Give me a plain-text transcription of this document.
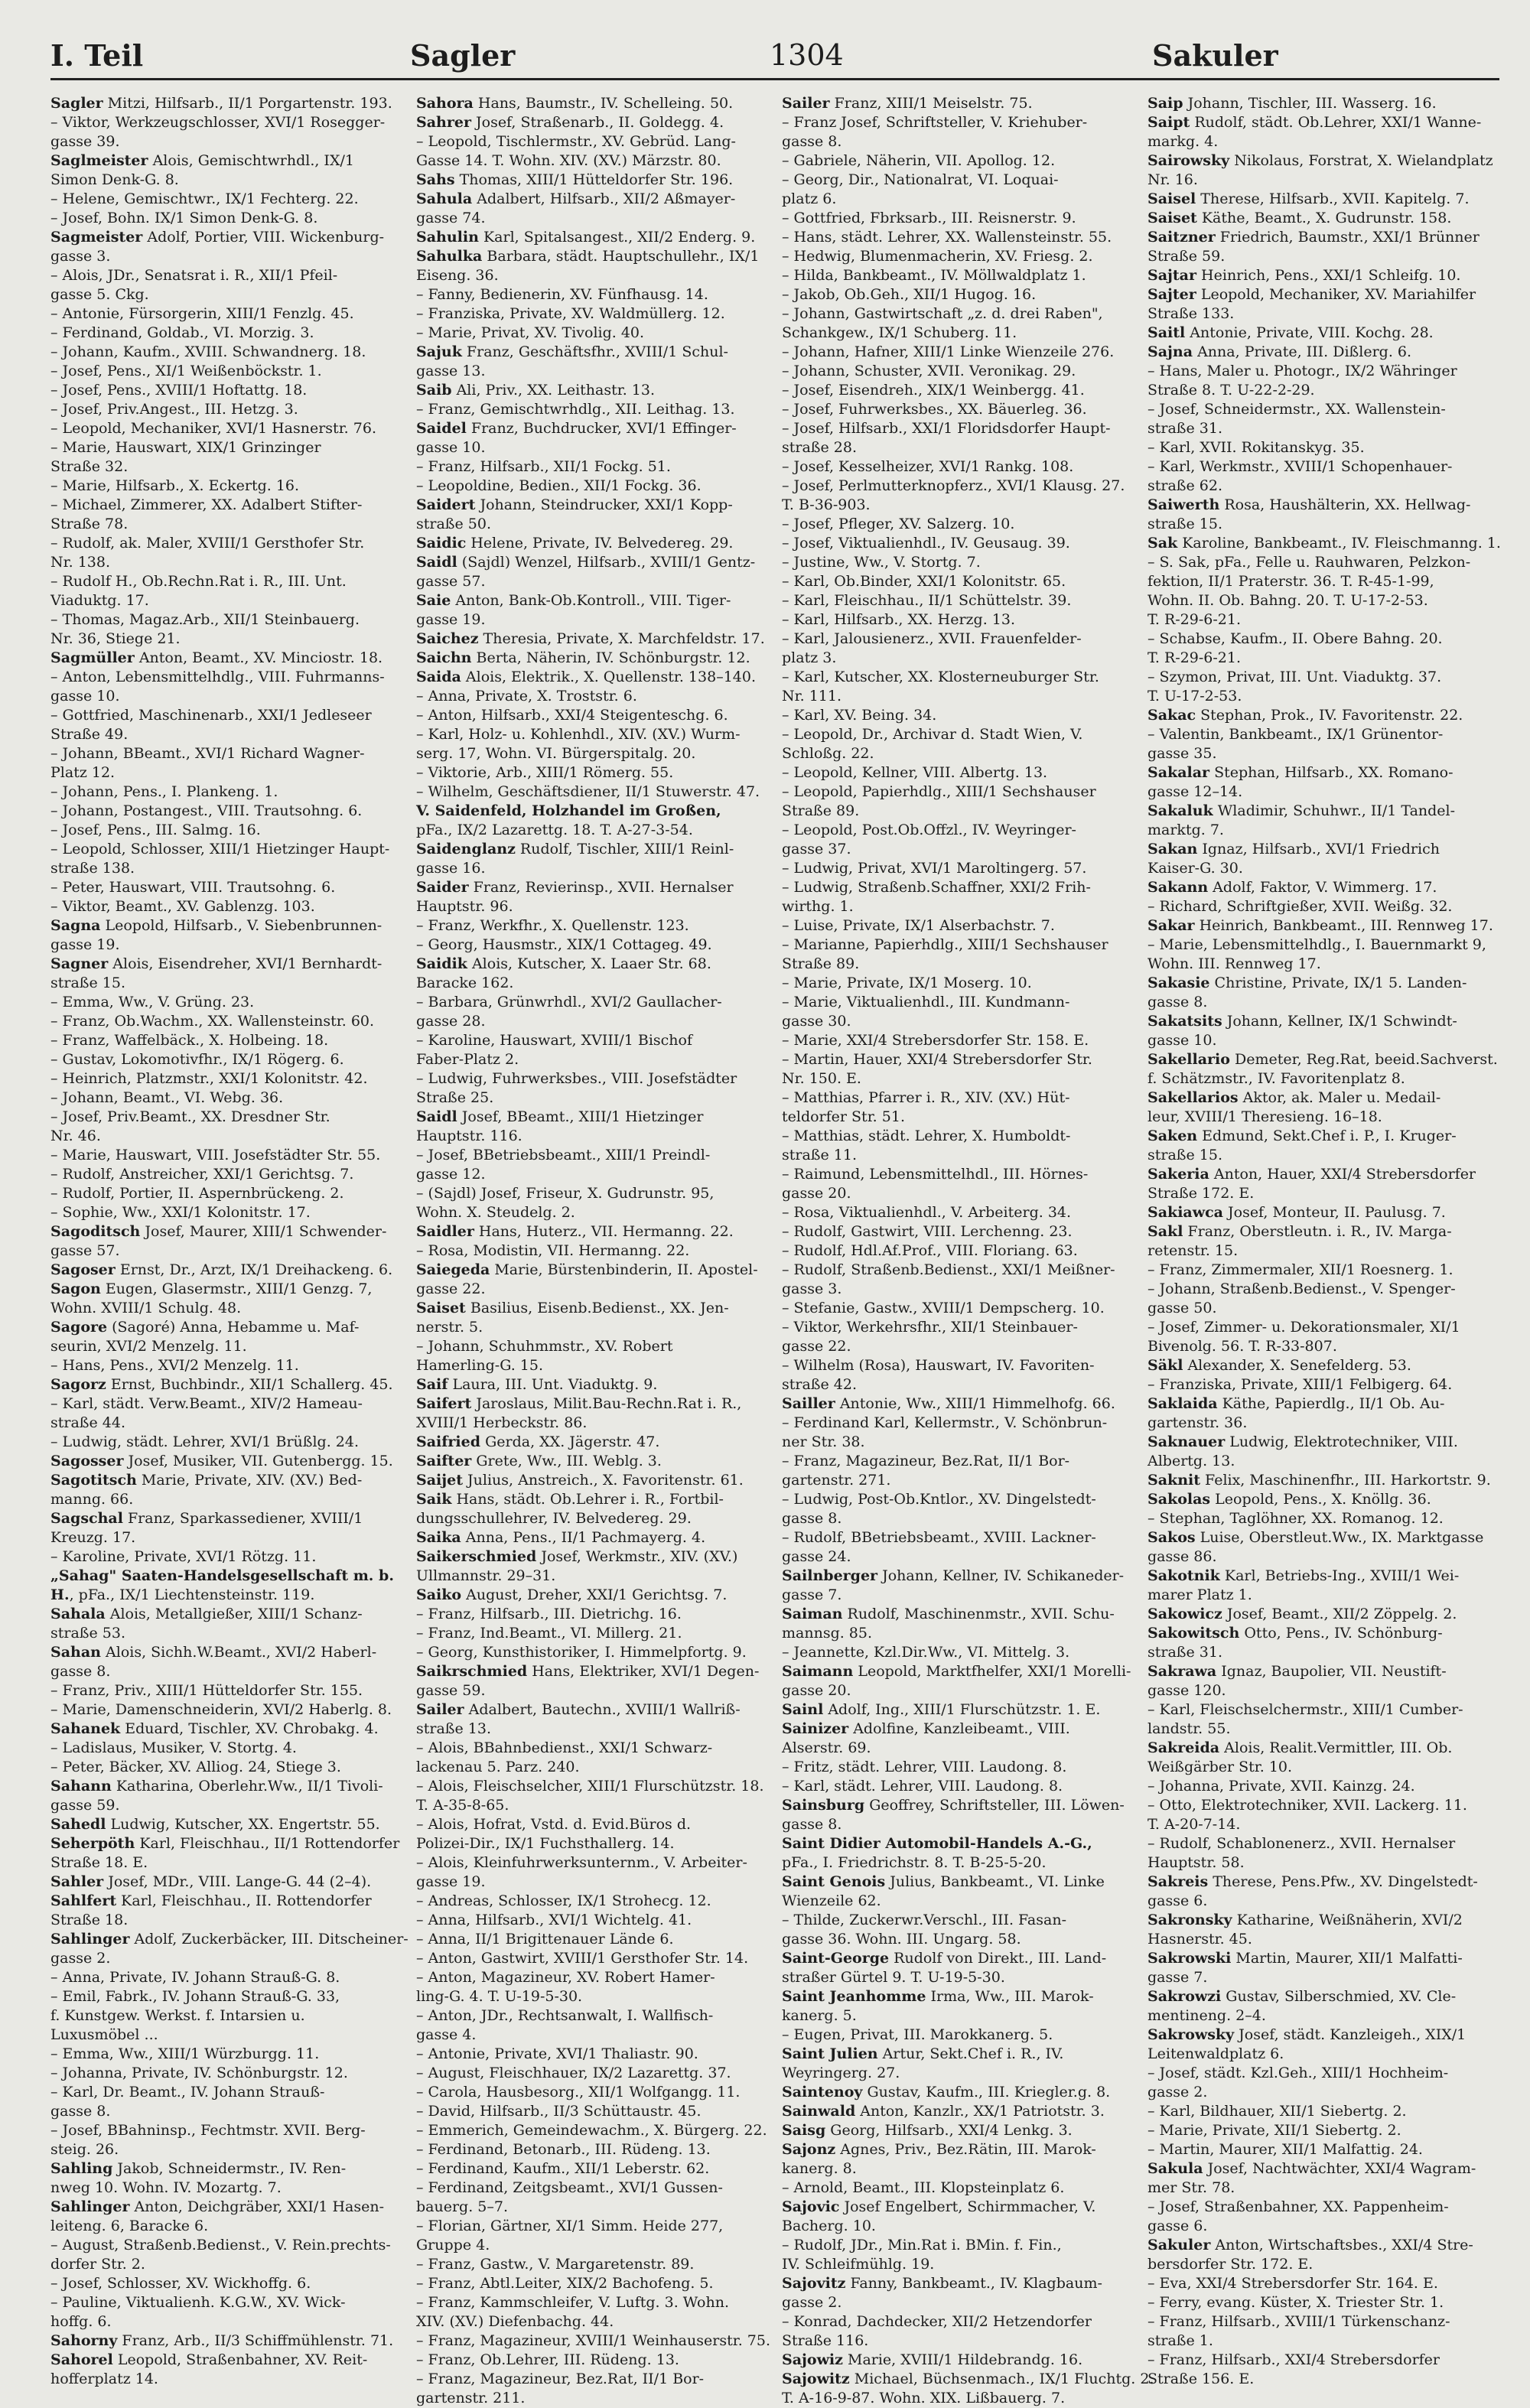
I. Teil	Sagler	1304	Sakuler
Sagler Mitzi, Hilfsarb., II/1 Porgartenstr. 193.
– Viktor, Werkzeugschlosser, XVI/1 Rosegger-
gasse 39.
Saglmeister Alois, Gemischtwrhdl., IX/1
Simon Denk-G. 8.
– Helene, Gemischtwr., IX/1 Fechterg. 22.
– Josef, Bohn. IX/1 Simon Denk-G. 8.
Sagmeister Adolf, Portier, VIII. Wickenburg-
gasse 3.
– Alois, JDr., Senatsrat i. R., XII/1 Pfeil-
gasse 5. Ckg.
– Antonie, Fürsorgerin, XIII/1 Fenzlg. 45.
– Ferdinand, Goldab., VI. Morzig. 3.
– Johann, Kaufm., XVIII. Schwandnerg. 18.
– Josef, Pens., XI/1 Weißenböckstr. 1.
– Josef, Pens., XVIII/1 Hoftattg. 18.
– Josef, Priv.Angest., III. Hetzg. 3.
– Leopold, Mechaniker, XVI/1 Hasnerstr. 76.
– Marie, Hauswart, XIX/1 Grinzinger
Straße 32.
– Marie, Hilfsarb., X. Eckertg. 16.
– Michael, Zimmerer, XX. Adalbert Stifter-
Straße 78.
– Rudolf, ak. Maler, XVIII/1 Gersthofer Str.
Nr. 138.
– Rudolf H., Ob.Rechn.Rat i. R., III. Unt.
Viaduktg. 17.
– Thomas, Magaz.Arb., XII/1 Steinbauerg.
Nr. 36, Stiege 21.
Sagmüller Anton, Beamt., XV. Minciostr. 18.
– Anton, Lebensmittelhdlg., VIII. Fuhrmanns-
gasse 10.
– Gottfried, Maschinenarb., XXI/1 Jedleseer
Straße 49.
– Johann, BBeamt., XVI/1 Richard Wagner-
Platz 12.
– Johann, Pens., I. Plankeng. 1.
– Johann, Postangest., VIII. Trautsohng. 6.
– Josef, Pens., III. Salmg. 16.
– Leopold, Schlosser, XIII/1 Hietzinger Haupt-
straße 138.
– Peter, Hauswart, VIII. Trautsohng. 6.
– Viktor, Beamt., XV. Gablenzg. 103.
Sagna Leopold, Hilfsarb., V. Siebenbrunnen-
gasse 19.
Sagner Alois, Eisendreher, XVI/1 Bernhardt-
straße 15.
– Emma, Ww., V. Grüng. 23.
– Franz, Ob.Wachm., XX. Wallensteinstr. 60.
– Franz, Waffelbäck., X. Holbeing. 18.
– Gustav, Lokomotivfhr., IX/1 Rögerg. 6.
– Heinrich, Platzmstr., XXI/1 Kolonitstr. 42.
– Johann, Beamt., VI. Webg. 36.
– Josef, Priv.Beamt., XX. Dresdner Str.
Nr. 46.
– Marie, Hauswart, VIII. Josefstädter Str. 55.
– Rudolf, Anstreicher, XXI/1 Gerichtsg. 7.
– Rudolf, Portier, II. Aspernbrückeng. 2.
– Sophie, Ww., XXI/1 Kolonitstr. 17.
Sagoditsch Josef, Maurer, XIII/1 Schwender-
gasse 57.
Sagoser Ernst, Dr., Arzt, IX/1 Dreihackeng. 6.
Sagon Eugen, Glasermstr., XIII/1 Genzg. 7,
Wohn. XVIII/1 Schulg. 48.
Sagore (Sagoré) Anna, Hebamme u. Maf-
seurin, XVI/2 Menzelg. 11.
– Hans, Pens., XVI/2 Menzelg. 11.
Sagorz Ernst, Buchbindr., XII/1 Schallerg. 45.
– Karl, städt. Verw.Beamt., XIV/2 Hameau-
straße 44.
– Ludwig, städt. Lehrer, XVI/1 Brüßlg. 24.
Sagosser Josef, Musiker, VII. Gutenbergg. 15.
Sagotitsch Marie, Private, XIV. (XV.) Bed-
manng. 66.
Sagschal Franz, Sparkassediener, XVIII/1
Kreuzg. 17.
– Karoline, Private, XVI/1 Rötzg. 11.
„Sahag" Saaten-Handelsgesellschaft m. b.
H., pFa., IX/1 Liechtensteinstr. 119.
Sahala Alois, Metallgießer, XIII/1 Schanz-
straße 53.
Sahan Alois, Sichh.W.Beamt., XVI/2 Haberl-
gasse 8.
– Franz, Priv., XIII/1 Hütteldorfer Str. 155.
– Marie, Damenschneiderin, XVI/2 Haberlg. 8.
Sahanek Eduard, Tischler, XV. Chrobakg. 4.
– Ladislaus, Musiker, V. Stortg. 4.
– Peter, Bäcker, XV. Alliog. 24, Stiege 3.
Sahann Katharina, Oberlehr.Ww., II/1 Tivoli-
gasse 59.
Sahedl Ludwig, Kutscher, XX. Engertstr. 55.
Seherpöth Karl, Fleischhau., II/1 Rottendorfer
Straße 18. E.
Sahler Josef, MDr., VIII. Lange-G. 44 (2–4).
Sahlfert Karl, Fleischhau., II. Rottendorfer
Straße 18.
Sahlinger Adolf, Zuckerbäcker, III. Ditscheiner-
gasse 2.
– Anna, Private, IV. Johann Strauß-G. 8.
– Emil, Fabrk., IV. Johann Strauß-G. 33,
f. Kunstgew. Werkst. f. Intarsien u.
Luxusmöbel ...
– Emma, Ww., XIII/1 Würzburgg. 11.
– Johanna, Private, IV. Schönburgstr. 12.
– Karl, Dr. Beamt., IV. Johann Strauß-
gasse 8.
– Josef, BBahninsp., Fechtmstr. XVII. Berg-
steig. 26.
Sahling Jakob, Schneidermstr., IV. Ren-
nweg 10. Wohn. IV. Mozartg. 7.
Sahlinger Anton, Deichgräber, XXI/1 Hasen-
leiteng. 6, Baracke 6.
– August, Straßenb.Bedienst., V. Rein.prechts-
dorfer Str. 2.
– Josef, Schlosser, XV. Wickhoffg. 6.
– Pauline, Viktualienh. K.G.W., XV. Wick-
hoffg. 6.
Sahorny Franz, Arb., II/3 Schiffmühlenstr. 71.
Sahorel Leopold, Straßenbahner, XV. Reit-
hofferplatz 14.
Sahora Hans, Baumstr., IV. Schelleing. 50.
Sahrer Josef, Straßenarb., II. Goldegg. 4.
– Leopold, Tischlermstr., XV. Gebrüd. Lang-
Gasse 14. T. Wohn. XIV. (XV.) Märzstr. 80.
Sahs Thomas, XIII/1 Hütteldorfer Str. 196.
Sahula Adalbert, Hilfsarb., XII/2 Aßmayer-
gasse 74.
Sahulin Karl, Spitalsangest., XII/2 Enderg. 9.
Sahulka Barbara, städt. Hauptschullehr., IX/1
Eiseng. 36.
– Fanny, Bedienerin, XV. Fünfhausg. 14.
– Franziska, Private, XV. Waldmüllerg. 12.
– Marie, Privat, XV. Tivolig. 40.
Sajuk Franz, Geschäftsfhr., XVIII/1 Schul-
gasse 13.
Saib Ali, Priv., XX. Leithastr. 13.
– Franz, Gemischtwrhdlg., XII. Leithag. 13.
Saidel Franz, Buchdrucker, XVI/1 Effinger-
gasse 10.
– Franz, Hilfsarb., XII/1 Fockg. 51.
– Leopoldine, Bedien., XII/1 Fockg. 36.
Saidert Johann, Steindrucker, XXI/1 Kopp-
straße 50.
Saidic Helene, Private, IV. Belvedereg. 29.
Saidl (Sajdl) Wenzel, Hilfsarb., XVIII/1 Gentz-
gasse 57.
Saie Anton, Bank-Ob.Kontroll., VIII. Tiger-
gasse 19.
Saichez Theresia, Private, X. Marchfeldstr. 17.
Saichn Berta, Näherin, IV. Schönburgstr. 12.
Saida Alois, Elektrik., X. Quellenstr. 138–140.
– Anna, Private, X. Troststr. 6.
– Anton, Hilfsarb., XXI/4 Steigenteschg. 6.
– Karl, Holz- u. Kohlenhdl., XIV. (XV.) Wurm-
serg. 17, Wohn. VI. Bürgerspitalg. 20.
– Viktorie, Arb., XIII/1 Römerg. 55.
– Wilhelm, Geschäftsdiener, II/1 Stuwerstr. 47.
V. Saidenfeld, Holzhandel im Großen,
pFa., IX/2 Lazarettg. 18. T. A-27-3-54.
Saidenglanz Rudolf, Tischler, XIII/1 Reinl-
gasse 16.
Saider Franz, Revierinsp., XVII. Hernalser
Hauptstr. 96.
– Franz, Werkfhr., X. Quellenstr. 123.
– Georg, Hausmstr., XIX/1 Cottageg. 49.
Saidik Alois, Kutscher, X. Laaer Str. 68.
Baracke 162.
– Barbara, Grünwrhdl., XVI/2 Gaullacher-
gasse 28.
– Karoline, Hauswart, XVIII/1 Bischof
Faber-Platz 2.
– Ludwig, Fuhrwerksbes., VIII. Josefstädter
Straße 25.
Saidl Josef, BBeamt., XIII/1 Hietzinger
Hauptstr. 116.
– Josef, BBetriebsbeamt., XIII/1 Preindl-
gasse 12.
– (Sajdl) Josef, Friseur, X. Gudrunstr. 95,
Wohn. X. Steudelg. 2.
Saidler Hans, Huterz., VII. Hermanng. 22.
– Rosa, Modistin, VII. Hermanng. 22.
Saiegeda Marie, Bürstenbinderin, II. Apostel-
gasse 22.
Saiset Basilius, Eisenb.Bedienst., XX. Jen-
nerstr. 5.
– Johann, Schuhmmstr., XV. Robert
Hamerling-G. 15.
Saif Laura, III. Unt. Viaduktg. 9.
Saifert Jaroslaus, Milit.Bau-Rechn.Rat i. R.,
XVIII/1 Herbeckstr. 86.
Saifried Gerda, XX. Jägerstr. 47.
Saifter Grete, Ww., III. Weblg. 3.
Saijet Julius, Anstreich., X. Favoritenstr. 61.
Saik Hans, städt. Ob.Lehrer i. R., Fortbil-
dungsschullehrer, IV. Belvedereg. 29.
Saika Anna, Pens., II/1 Pachmayerg. 4.
Saikerschmied Josef, Werkmstr., XIV. (XV.)
Ullmannstr. 29–31.
Saiko August, Dreher, XXI/1 Gerichtsg. 7.
– Franz, Hilfsarb., III. Dietrichg. 16.
– Franz, Ind.Beamt., VI. Millerg. 21.
– Georg, Kunsthistoriker, I. Himmelpfortg. 9.
Saikrschmied Hans, Elektriker, XVI/1 Degen-
gasse 59.
Sailer Adalbert, Bautechn., XVIII/1 Wallriß-
straße 13.
– Alois, BBahnbedienst., XXI/1 Schwarz-
lackenau 5. Parz. 240.
– Alois, Fleischselcher, XIII/1 Flurschützstr. 18.
T. A-35-8-65.
– Alois, Hofrat, Vstd. d. Evid.Büros d.
Polizei-Dir., IX/1 Fuchsthallerg. 14.
– Alois, Kleinfuhrwerksunternm., V. Arbeiter-
gasse 19.
– Andreas, Schlosser, IX/1 Strohecg. 12.
– Anna, Hilfsarb., XVI/1 Wichtelg. 41.
– Anna, II/1 Brigittenauer Lände 6.
– Anton, Gastwirt, XVIII/1 Gersthofer Str. 14.
– Anton, Magazineur, XV. Robert Hamer-
ling-G. 4. T. U-19-5-30.
– Anton, JDr., Rechtsanwalt, I. Wallfisch-
gasse 4.
– Antonie, Private, XVI/1 Thaliastr. 90.
– August, Fleischhauer, IX/2 Lazarettg. 37.
– Carola, Hausbesorg., XII/1 Wolfgangg. 11.
– David, Hilfsarb., II/3 Schüttaustr. 45.
– Emmerich, Gemeindewachm., X. Bürgerg. 22.
– Ferdinand, Betonarb., III. Rüdeng. 13.
– Ferdinand, Kaufm., XII/1 Leberstr. 62.
– Ferdinand, Zeitgsbeamt., XVI/1 Gussen-
bauerg. 5–7.
– Florian, Gärtner, XI/1 Simm. Heide 277,
Gruppe 4.
– Franz, Gastw., V. Margaretenstr. 89.
– Franz, Abtl.Leiter, XIX/2 Bachofeng. 5.
– Franz, Kammschleifer, V. Luftg. 3. Wohn.
XIV. (XV.) Diefenbachg. 44.
– Franz, Magazineur, XVIII/1 Weinhauserstr. 75.
– Franz, Ob.Lehrer, III. Rüdeng. 13.
– Franz, Magazineur, Bez.Rat, II/1 Bor-
gartenstr. 211.
Sailer Franz, XIII/1 Meiselstr. 75.
– Franz Josef, Schriftsteller, V. Kriehuber-
gasse 8.
– Gabriele, Näherin, VII. Apollog. 12.
– Georg, Dir., Nationalrat, VI. Loquai-
platz 6.
– Gottfried, Fbrksarb., III. Reisnerstr. 9.
– Hans, städt. Lehrer, XX. Wallensteinstr. 55.
– Hedwig, Blumenmacherin, XV. Friesg. 2.
– Hilda, Bankbeamt., IV. Möllwaldplatz 1.
– Jakob, Ob.Geh., XII/1 Hugog. 16.
– Johann, Gastwirtschaft „z. d. drei Raben",
Schankgew., IX/1 Schuberg. 11.
– Johann, Hafner, XIII/1 Linke Wienzeile 276.
– Johann, Schuster, XVII. Veronikag. 29.
– Josef, Eisendreh., XIX/1 Weinbergg. 41.
– Josef, Fuhrwerksbes., XX. Bäuerleg. 36.
– Josef, Hilfsarb., XXI/1 Floridsdorfer Haupt-
straße 28.
– Josef, Kesselheizer, XVI/1 Rankg. 108.
– Josef, Perlmutterknopferz., XVI/1 Klausg. 27.
T. B-36-903.
– Josef, Pfleger, XV. Salzerg. 10.
– Josef, Viktualienhdl., IV. Geusaug. 39.
– Justine, Ww., V. Stortg. 7.
– Karl, Ob.Binder, XXI/1 Kolonitstr. 65.
– Karl, Fleischhau., II/1 Schüttelstr. 39.
– Karl, Hilfsarb., XX. Herzg. 13.
– Karl, Jalousienerz., XVII. Frauenfelder-
platz 3.
– Karl, Kutscher, XX. Klosterneuburger Str.
Nr. 111.
– Karl, XV. Being. 34.
– Leopold, Dr., Archivar d. Stadt Wien, V.
Schloßg. 22.
– Leopold, Kellner, VIII. Albertg. 13.
– Leopold, Papierhdlg., XIII/1 Sechshauser
Straße 89.
– Leopold, Post.Ob.Offzl., IV. Weyringer-
gasse 37.
– Ludwig, Privat, XVI/1 Maroltingerg. 57.
– Ludwig, Straßenb.Schaffner, XXI/2 Frih-
wirthg. 1.
– Luise, Private, IX/1 Alserbachstr. 7.
– Marianne, Papierhdlg., XIII/1 Sechshauser
Straße 89.
– Marie, Private, IX/1 Moserg. 10.
– Marie, Viktualienhdl., III. Kundmann-
gasse 30.
– Marie, XXI/4 Strebersdorfer Str. 158. E.
– Martin, Hauer, XXI/4 Strebersdorfer Str.
Nr. 150. E.
– Matthias, Pfarrer i. R., XIV. (XV.) Hüt-
teldorfer Str. 51.
– Matthias, städt. Lehrer, X. Humboldt-
straße 11.
– Raimund, Lebensmittelhdl., III. Hörnes-
gasse 20.
– Rosa, Viktualienhdl., V. Arbeiterg. 34.
– Rudolf, Gastwirt, VIII. Lerchenng. 23.
– Rudolf, Hdl.Af.Prof., VIII. Floriang. 63.
– Rudolf, Straßenb.Bedienst., XXI/1 Meißner-
gasse 3.
– Stefanie, Gastw., XVIII/1 Dempscherg. 10.
– Viktor, Werkehrsfhr., XII/1 Steinbauer-
gasse 22.
– Wilhelm (Rosa), Hauswart, IV. Favoriten-
straße 42.
Sailler Antonie, Ww., XIII/1 Himmelhofg. 66.
– Ferdinand Karl, Kellermstr., V. Schönbrun-
ner Str. 38.
– Franz, Magazineur, Bez.Rat, II/1 Bor-
gartenstr. 271.
– Ludwig, Post-Ob.Kntlor., XV. Dingelstedt-
gasse 8.
– Rudolf, BBetriebsbeamt., XVIII. Lackner-
gasse 24.
Sailnberger Johann, Kellner, IV. Schikaneder-
gasse 7.
Saiman Rudolf, Maschinenmstr., XVII. Schu-
mannsg. 85.
– Jeannette, Kzl.Dir.Ww., VI. Mittelg. 3.
Saimann Leopold, Marktfhelfer, XXI/1 Morelli-
gasse 20.
Sainl Adolf, Ing., XIII/1 Flurschützstr. 1. E.
Sainizer Adolfine, Kanzleibeamt., VIII.
Alserstr. 69.
– Fritz, städt. Lehrer, VIII. Laudong. 8.
– Karl, städt. Lehrer, VIII. Laudong. 8.
Sainsburg Geoffrey, Schriftsteller, III. Löwen-
gasse 8.
Saint Didier Automobil-Handels A.-G.,
pFa., I. Friedrichstr. 8. T. B-25-5-20.
Saint Genois Julius, Bankbeamt., VI. Linke
Wienzeile 62.
– Thilde, Zuckerwr.Verschl., III. Fasan-
gasse 36. Wohn. III. Ungarg. 58.
Saint-George Rudolf von Direkt., III. Land-
straßer Gürtel 9. T. U-19-5-30.
Saint Jeanhomme Irma, Ww., III. Marok-
kanerg. 5.
– Eugen, Privat, III. Marokkanerg. 5.
Saint Julien Artur, Sekt.Chef i. R., IV.
Weyringerg. 27.
Saintenoy Gustav, Kaufm., III. Kriegler.g. 8.
Sainwald Anton, Kanzlr., XX/1 Patriotstr. 3.
Saisg Georg, Hilfsarb., XXI/4 Lenkg. 3.
Sajonz Agnes, Priv., Bez.Rätin, III. Marok-
kanerg. 8.
– Arnold, Beamt., III. Klopsteinplatz 6.
Sajovic Josef Engelbert, Schirmmacher, V.
Bacherg. 10.
– Rudolf, JDr., Min.Rat i. BMin. f. Fin.,
IV. Schleifmühlg. 19.
Sajovitz Fanny, Bankbeamt., IV. Klagbaum-
gasse 2.
– Konrad, Dachdecker, XII/2 Hetzendorfer
Straße 116.
Sajowiz Marie, XVIII/1 Hildebrandg. 16.
Sajowitz Michael, Büchsenmach., IX/1 Fluchtg. 2.
T. A-16-9-87. Wohn. XIX. Lißbauerg. 7.
Saip Johann, Tischler, III. Wasserg. 16.
Saipt Rudolf, städt. Ob.Lehrer, XXI/1 Wanne-
markg. 4.
Sairowsky Nikolaus, Forstrat, X. Wielandplatz
Nr. 16.
Saisel Therese, Hilfsarb., XVII. Kapitelg. 7.
Saiset Käthe, Beamt., X. Gudrunstr. 158.
Saitzner Friedrich, Baumstr., XXI/1 Brünner
Straße 59.
Sajtar Heinrich, Pens., XXI/1 Schleifg. 10.
Sajter Leopold, Mechaniker, XV. Mariahilfer
Straße 133.
Saitl Antonie, Private, VIII. Kochg. 28.
Sajna Anna, Private, III. Dißlerg. 6.
– Hans, Maler u. Photogr., IX/2 Währinger
Straße 8. T. U-22-2-29.
– Josef, Schneidermstr., XX. Wallenstein-
straße 31.
– Karl, XVII. Rokitanskyg. 35.
– Karl, Werkmstr., XVIII/1 Schopenhauer-
straße 62.
Saiwerth Rosa, Haushälterin, XX. Hellwag-
straße 15.
Sak Karoline, Bankbeamt., IV. Fleischmanng. 1.
– S. Sak, pFa., Felle u. Rauhwaren, Pelzkon-
fektion, II/1 Praterstr. 36. T. R-45-1-99,
Wohn. II. Ob. Bahng. 20. T. U-17-2-53.
T. R-29-6-21.
– Schabse, Kaufm., II. Obere Bahng. 20.
T. R-29-6-21.
– Szymon, Privat, III. Unt. Viaduktg. 37.
T. U-17-2-53.
Sakac Stephan, Prok., IV. Favoritenstr. 22.
– Valentin, Bankbeamt., IX/1 Grünentor-
gasse 35.
Sakalar Stephan, Hilfsarb., XX. Romano-
gasse 12–14.
Sakaluk Wladimir, Schuhwr., II/1 Tandel-
marktg. 7.
Sakan Ignaz, Hilfsarb., XVI/1 Friedrich
Kaiser-G. 30.
Sakann Adolf, Faktor, V. Wimmerg. 17.
– Richard, Schriftgießer, XVII. Weißg. 32.
Sakar Heinrich, Bankbeamt., III. Rennweg 17.
– Marie, Lebensmittelhdlg., I. Bauernmarkt 9,
Wohn. III. Rennweg 17.
Sakasie Christine, Private, IX/1 5. Landen-
gasse 8.
Sakatsits Johann, Kellner, IX/1 Schwindt-
gasse 10.
Sakellario Demeter, Reg.Rat, beeid.Sachverst.
f. Schätzmstr., IV. Favoritenplatz 8.
Sakellarios Aktor, ak. Maler u. Medail-
leur, XVIII/1 Theresieng. 16–18.
Saken Edmund, Sekt.Chef i. P., I. Kruger-
straße 15.
Sakeria Anton, Hauer, XXI/4 Strebersdorfer
Straße 172. E.
Sakiawca Josef, Monteur, II. Paulusg. 7.
Sakl Franz, Oberstleutn. i. R., IV. Marga-
retenstr. 15.
– Franz, Zimmermaler, XII/1 Roesnerg. 1.
– Johann, Straßenb.Bedienst., V. Spenger-
gasse 50.
– Josef, Zimmer- u. Dekorationsmaler, XI/1
Bivenolg. 56. T. R-33-807.
Säkl Alexander, X. Senefelderg. 53.
– Franziska, Private, XIII/1 Felbigerg. 64.
Saklaida Käthe, Papierdlg., II/1 Ob. Au-
gartenstr. 36.
Saknauer Ludwig, Elektrotechniker, VIII.
Albertg. 13.
Saknit Felix, Maschinenfhr., III. Harkortstr. 9.
Sakolas Leopold, Pens., X. Knöllg. 36.
– Stephan, Taglöhner, XX. Romanog. 12.
Sakos Luise, Oberstleut.Ww., IX. Marktgasse
gasse 86.
Sakotnik Karl, Betriebs-Ing., XVIII/1 Wei-
marer Platz 1.
Sakowicz Josef, Beamt., XII/2 Zöppelg. 2.
Sakowitsch Otto, Pens., IV. Schönburg-
straße 31.
Sakrawa Ignaz, Baupolier, VII. Neustift-
gasse 120.
– Karl, Fleischselchermstr., XIII/1 Cumber-
landstr. 55.
Sakreida Alois, Realit.Vermittler, III. Ob.
Weißgärber Str. 10.
– Johanna, Private, XVII. Kainzg. 24.
– Otto, Elektrotechniker, XVII. Lackerg. 11.
T. A-20-7-14.
– Rudolf, Schablonenerz., XVII. Hernalser
Hauptstr. 58.
Sakreis Therese, Pens.Pfw., XV. Dingelstedt-
gasse 6.
Sakronsky Katharine, Weißnäherin, XVI/2
Hasnerstr. 45.
Sakrowski Martin, Maurer, XII/1 Malfatti-
gasse 7.
Sakrowzi Gustav, Silberschmied, XV. Cle-
mentineng. 2–4.
Sakrowsky Josef, städt. Kanzleigeh., XIX/1
Leitenwaldplatz 6.
– Josef, städt. Kzl.Geh., XIII/1 Hochheim-
gasse 2.
– Karl, Bildhauer, XII/1 Siebertg. 2.
– Marie, Private, XII/1 Siebertg. 2.
– Martin, Maurer, XII/1 Malfattig. 24.
Sakula Josef, Nachtwächter, XXI/4 Wagram-
mer Str. 78.
– Josef, Straßenbahner, XX. Pappenheim-
gasse 6.
Sakuler Anton, Wirtschaftsbes., XXI/4 Stre-
bersdorfer Str. 172. E.
– Eva, XXI/4 Strebersdorfer Str. 164. E.
– Ferry, evang. Küster, X. Triester Str. 1.
– Franz, Hilfsarb., XVIII/1 Türkenschanz-
straße 1.
– Franz, Hilfsarb., XXI/4 Strebersdorfer
Straße 156. E.
